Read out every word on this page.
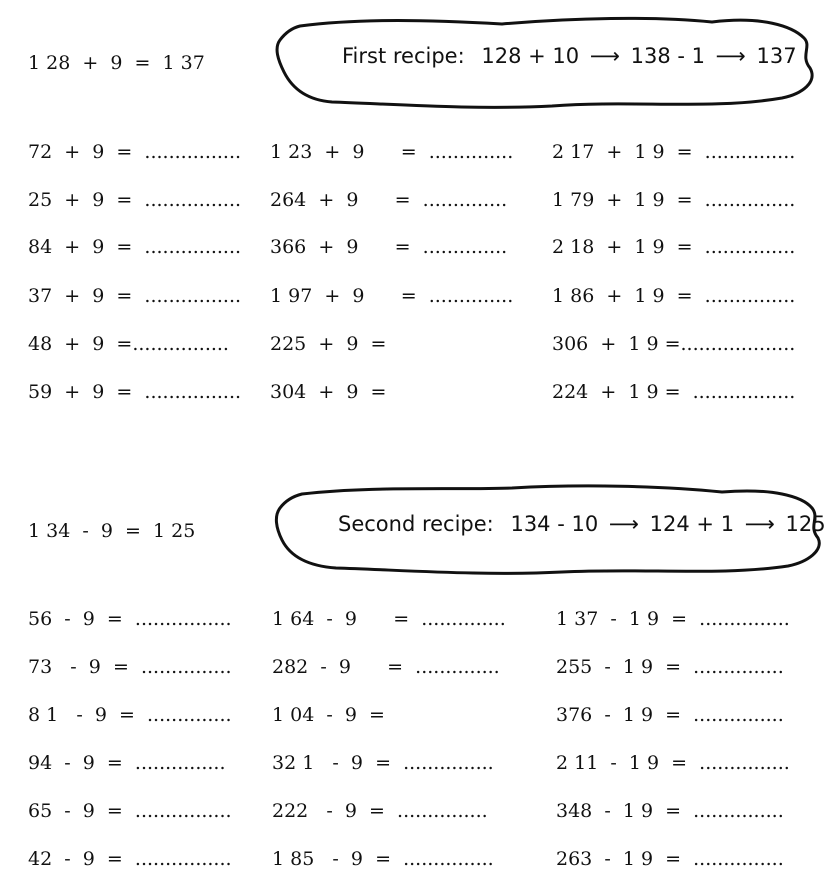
1 28  +  9  =  1 37	First recipe: 128 + 10 ⟶ 138 - 1 ⟶ 137
72  +  9  =  ................
25  +  9  =  ................
84  +  9  =  ................
37  +  9  =  ................
48  +  9  =................
59  +  9  =  ................
1 23  +  9      =  ..............
264  +  9      =  ..............
366  +  9      =  ..............
1 97  +  9      =  ..............
225  +  9  =
304  +  9  =
2 17  +  1 9  =  ...............
1 79  +  1 9  =  ...............
2 18  +  1 9  =  ...............
1 86  +  1 9  =  ...............
306  +  1 9 =...................
224  +  1 9 =  .................
1 34  -  9  =  1 25	Second recipe: 134 - 10 ⟶ 124 + 1 ⟶ 125
56  -  9  =  ................
73   -  9  =  ...............
8 1   -  9  =  ..............
94  -  9  =  ...............
65  -  9  =  ................
42  -  9  =  ................
1 64  -  9      =  ..............
282  -  9      =  ..............
1 04  -  9  =
32 1   -  9  =  ...............
222   -  9  =  ...............
1 85   -  9  =  ...............
1 37  -  1 9  =  ...............
255  -  1 9  =  ...............
376  -  1 9  =  ...............
2 11  -  1 9  =  ...............
348  -  1 9  =  ...............
263  -  1 9  =  ...............
